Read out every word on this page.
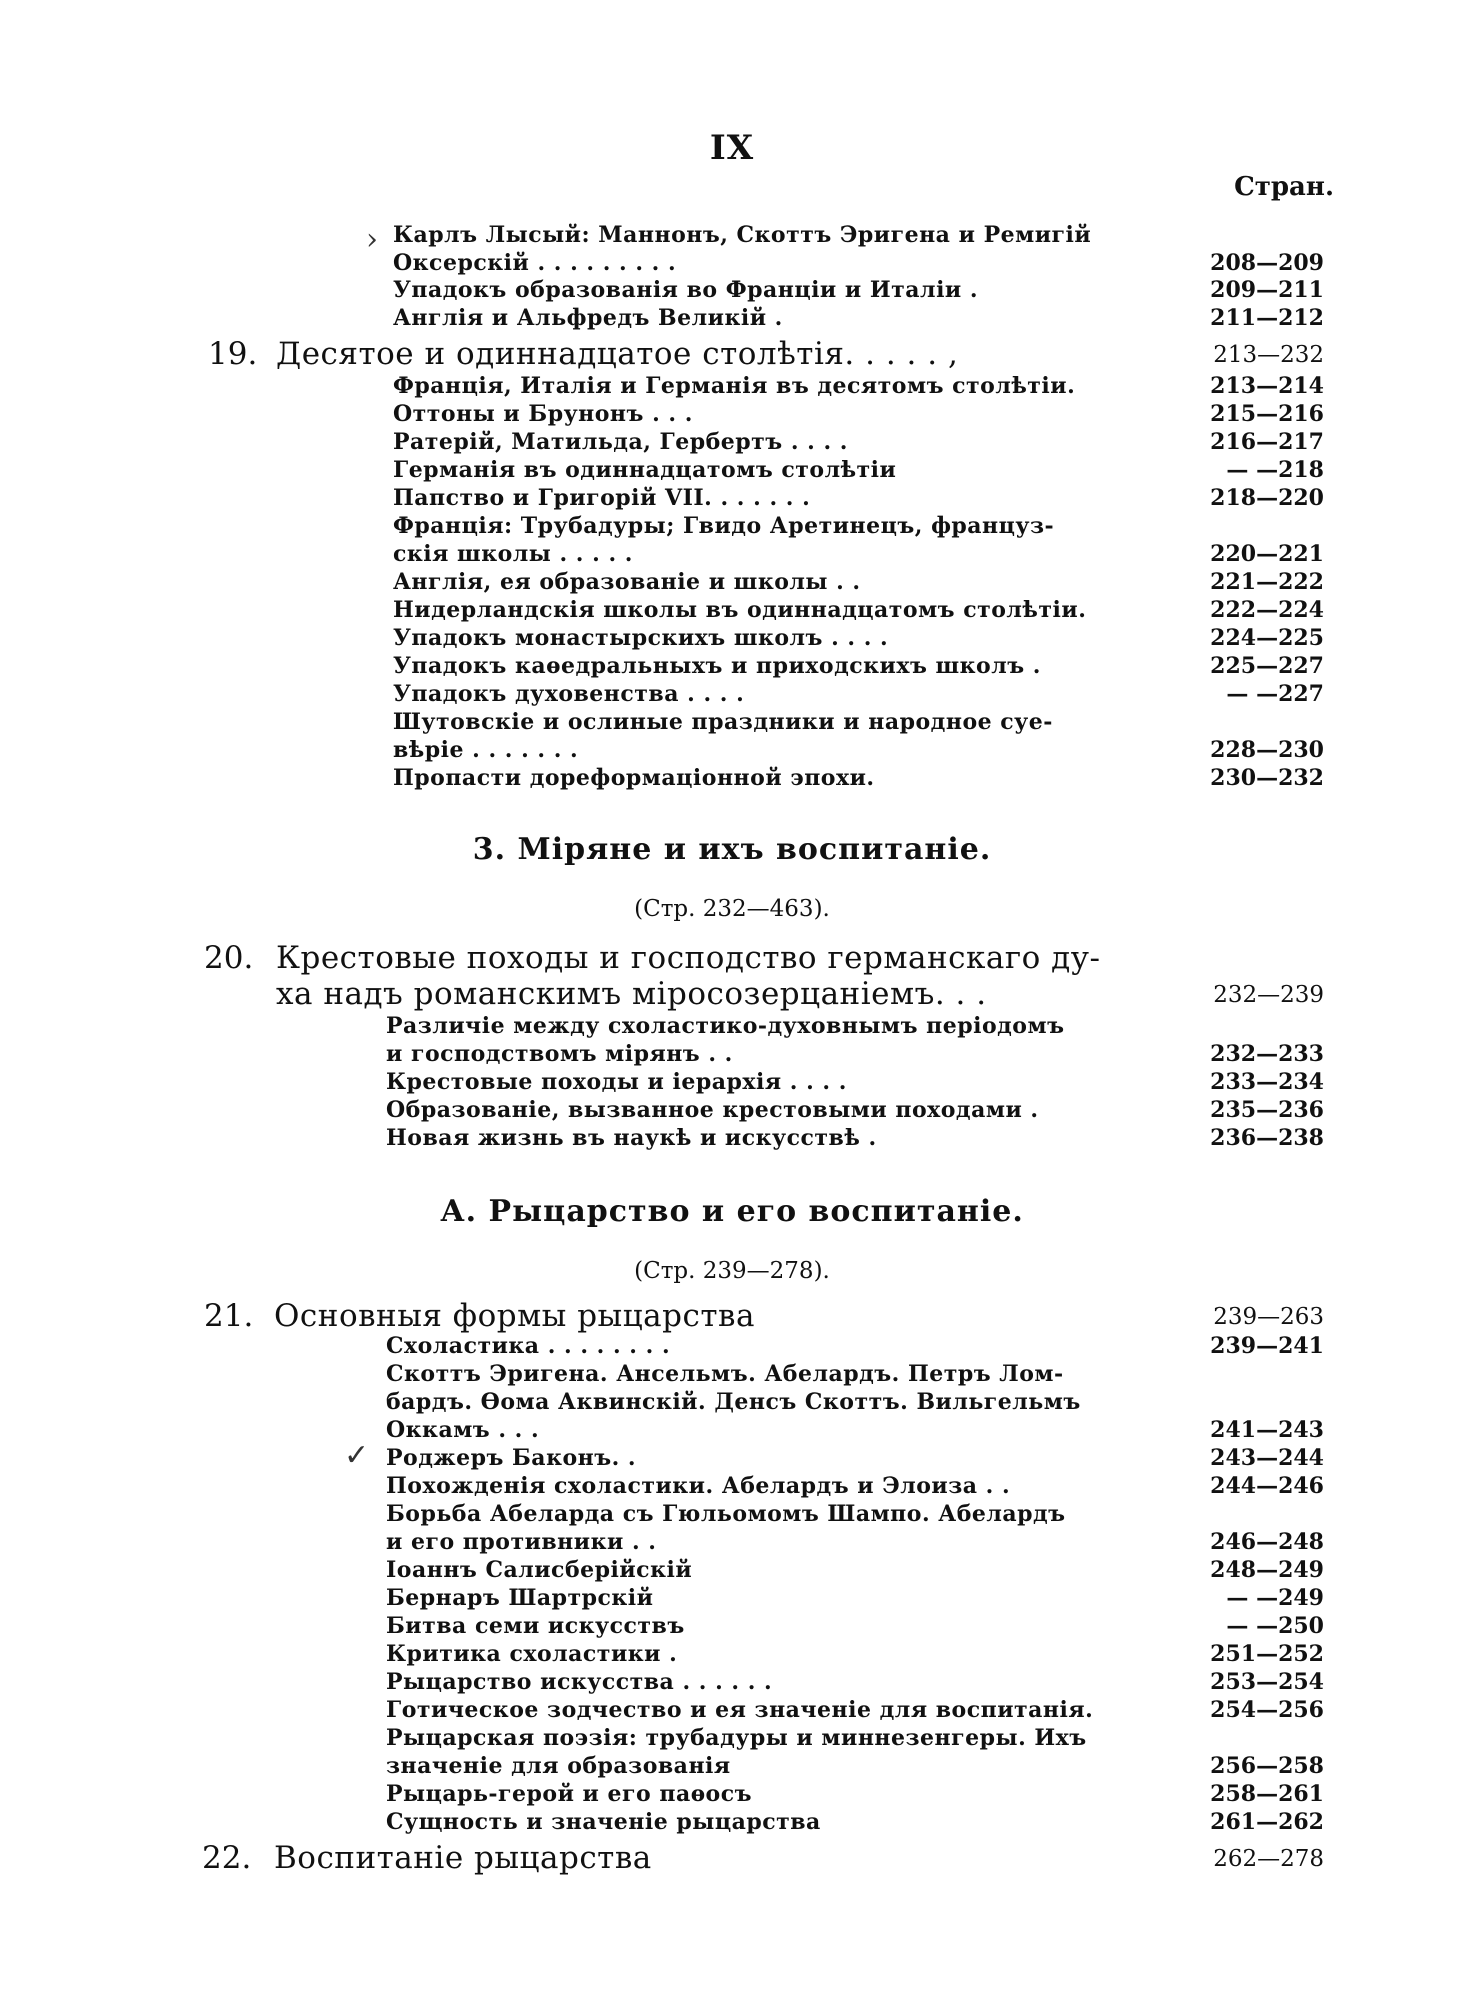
IX
Стран.
› Карлъ Лысый: Маннонъ, Скоттъ Эригена и Ремигій
Оксерскій . . . . . . . . .	208—209
Упадокъ образованія во Франціи и Италіи .	209—211
Англія и Альфредъ Великій .	211—212
19. Десятое и одиннадцатое столѣтія. . . . . ,	213—232
Франція, Италія и Германія въ десятомъ столѣтіи.	213—214
Оттоны и Брунонъ . . .	215—216
Ратерій, Матильда, Гербертъ . . . .	216—217
Германія въ одиннадцатомъ столѣтіи	— —218
Папство и Григорій VII. . . . . . .	218—220
Франція: Трубадуры; Гвидо Аретинецъ, француз-
скія школы . . . . .	220—221
Англія, ея образованіе и школы . .	221—222
Нидерландскія школы въ одиннадцатомъ столѣтіи.	222—224
Упадокъ монастырскихъ школъ . . . .	224—225
Упадокъ каѳедральныхъ и приходскихъ школъ .	225—227
Упадокъ духовенства . . . .	— —227
Шутовскіе и ослиные праздники и народное суе-
вѣріе . . . . . . .	228—230
Пропасти дореформаціонной эпохи.	230—232
3. Міряне и ихъ воспитаніе.
(Стр. 232—463).
20. Крестовые походы и господство германскаго ду-
ха надъ романскимъ міросозерцаніемъ. . .	232—239
Различіе между схоластико-духовнымъ періодомъ
и господствомъ мірянъ . .	232—233
Крестовые походы и іерархія . . . .	233—234
Образованіе, вызванное крестовыми походами .	235—236
Новая жизнь въ наукѣ и искусствѣ .	236—238
А. Рыцарство и его воспитаніе.
(Стр. 239—278).
21. Основныя формы рыцарства	239—263
Схоластика . . . . . . . .	239—241
Скоттъ Эригена. Ансельмъ. Абелардъ. Петръ Лом-
бардъ. Ѳома Аквинскій. Денсъ Скоттъ. Вильгельмъ
Оккамъ . . .	241—243
✓ Роджеръ Баконъ. .	243—244
Похожденія схоластики. Абелардъ и Элоиза . .	244—246
Борьба Абеларда съ Гюльомомъ Шампо. Абелардъ
и его противники . .	246—248
Іоаннъ Салисберійскій	248—249
Бернаръ Шартрскій	— —249
Битва семи искусствъ	— —250
Критика схоластики .	251—252
Рыцарство искусства . . . . . .	253—254
Готическое зодчество и ея значеніе для воспитанія.	254—256
Рыцарская поэзія: трубадуры и миннезенгеры. Ихъ
значеніе для образованія	256—258
Рыцарь-герой и его паѳосъ	258—261
Сущность и значеніе рыцарства	261—262
22. Воспитаніе рыцарства	262—278
